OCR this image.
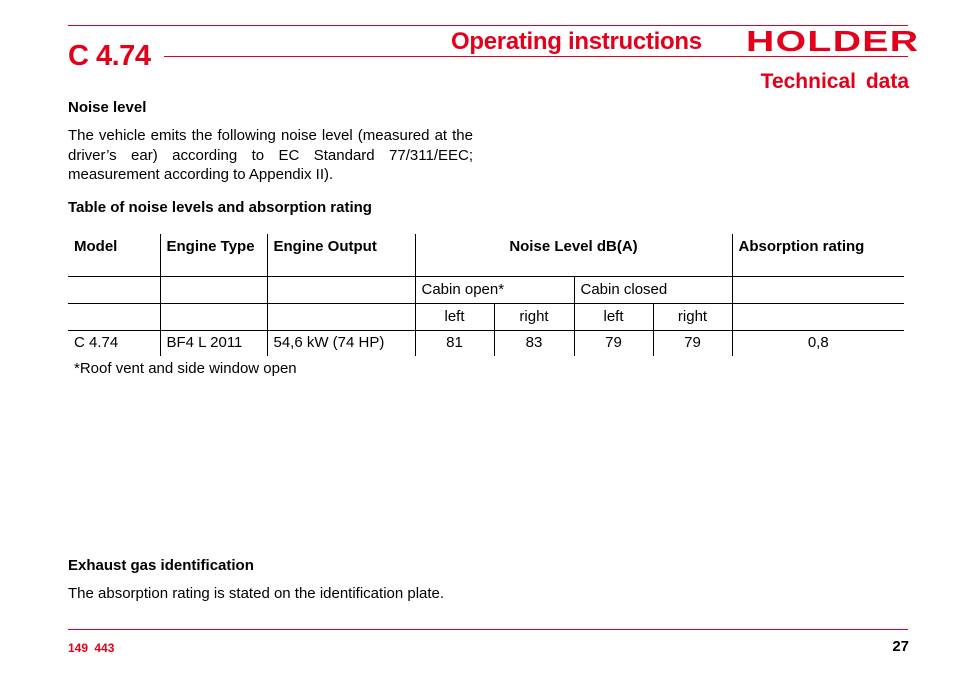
C 4.74	Operating instructions HOLDER
Technical data
Noise level
The vehicle emits the following noise level (measured at the driver’s ear) according to EC Standard 77/311/EEC; measurement according to Appendix II).
Table of noise levels and absorption rating
Model	Engine Type	Engine Output	Noise Level dB(A)				Absorption rating
			Cabin open*		Cabin closed		
			left	right	left	right	
C 4.74	BF4 L 2011	54,6 kW (74 HP)	81	83	79	79	0,8
*Roof vent and side window open
Exhaust gas identification
The absorption rating is stated on the identification plate.
149 443	27
